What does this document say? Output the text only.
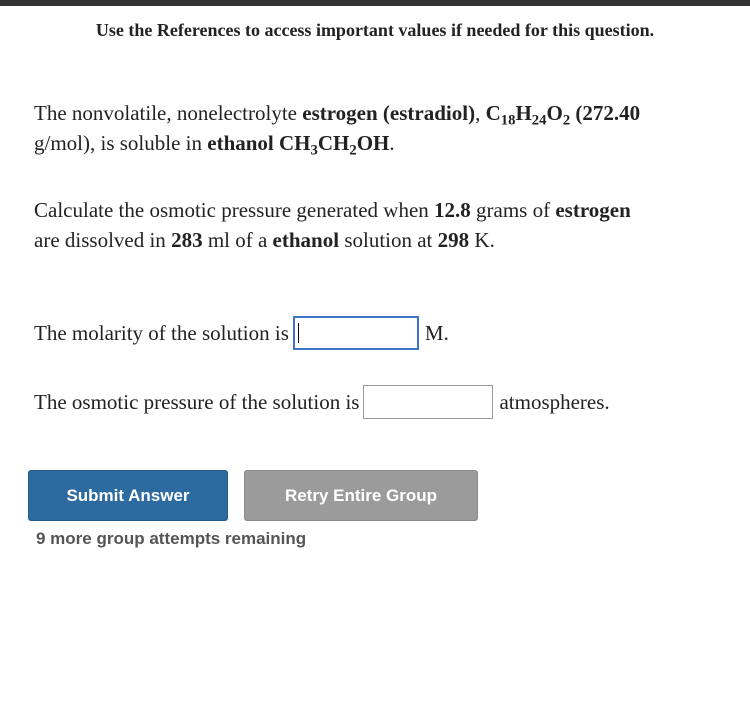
Use the References to access important values if needed for this question.
The nonvolatile, nonelectrolyte estrogen (estradiol), $C_{18}H_{24}O_2$ (272.40
g/mol), is soluble in ethanol $CH_3CH_2OH$.
Calculate the osmotic pressure generated when 12.8 grams of estrogen
are dissolved in 283 ml of a ethanol solution at 298 K.
The molarity of the solution is	M.
The osmotic pressure of the solution is	atmospheres.
Submit Answer	Retry Entire Group
9 more group attempts remaining
